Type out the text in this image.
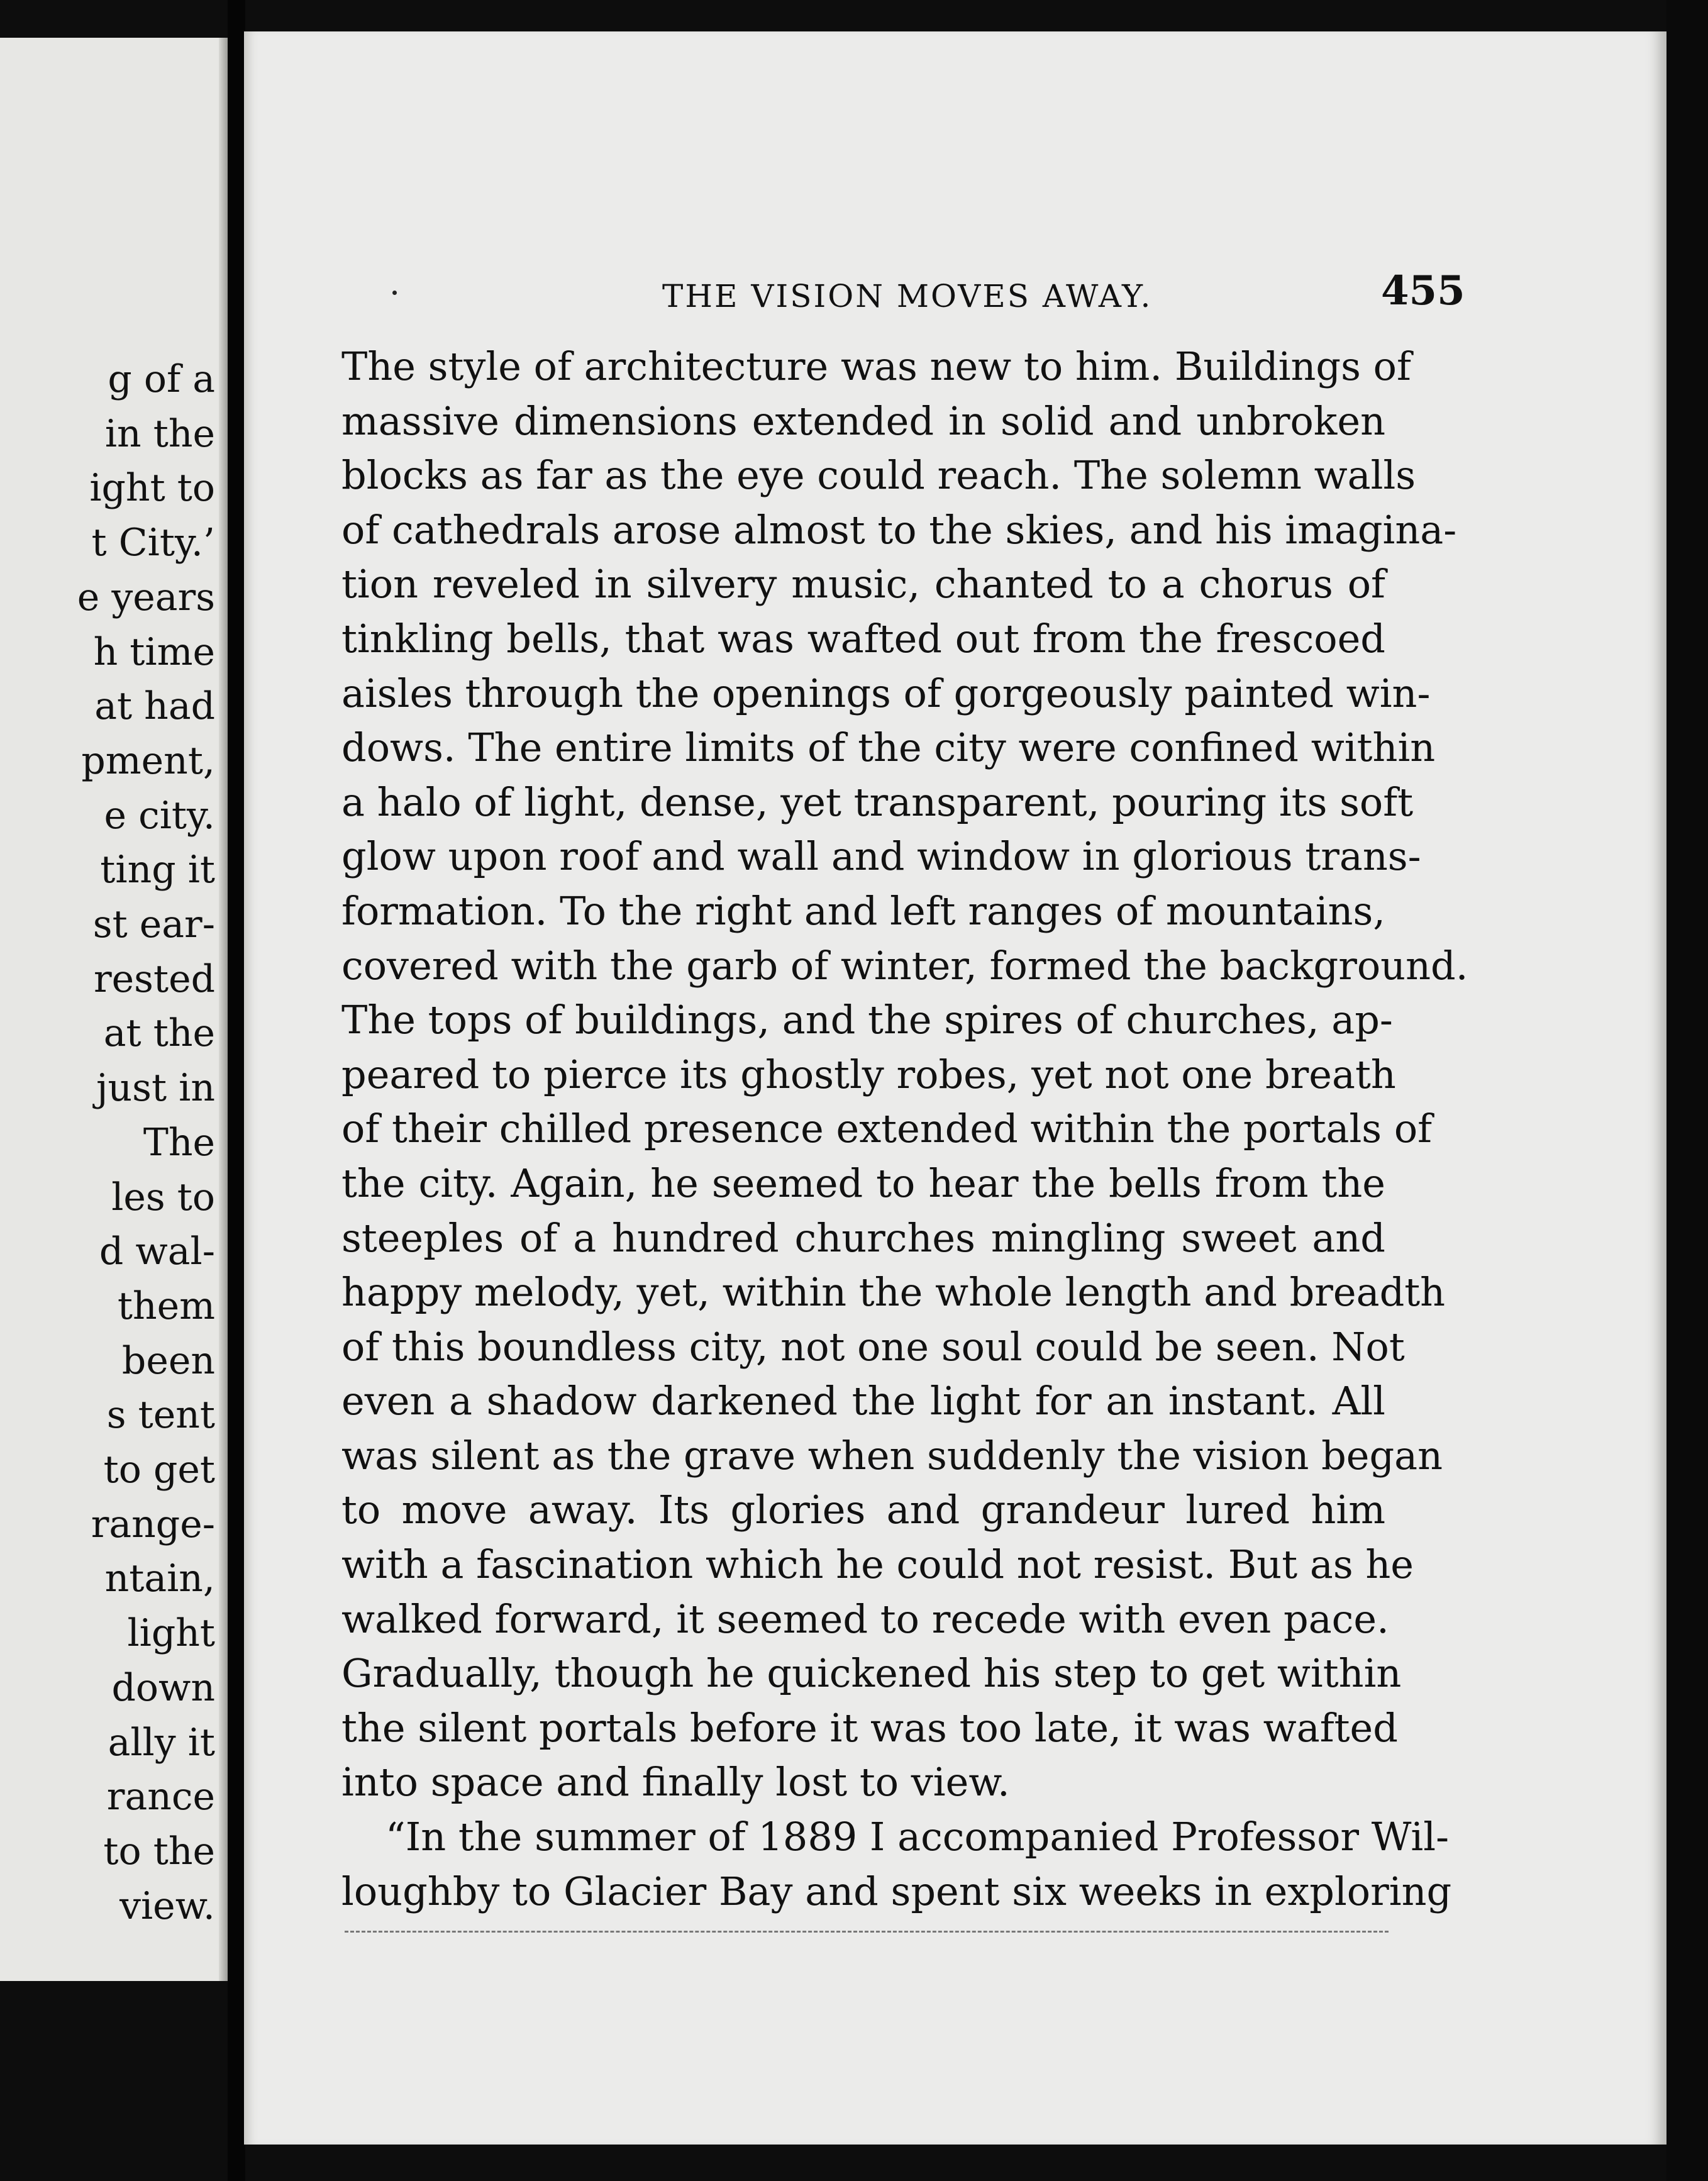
g of a
in the
ight to
t City.’
e years
h time
at had
pment,
e city.
ting it
st ear-
rested
at the
just in
The
les to
d wal-
them
been
s tent
to get
range-
ntain,
light
down
ally it
rance
to the
view.
THE VISION MOVES AWAY.	455
The style of architecture was new to him. Buildings of
massive dimensions extended in solid and unbroken
blocks as far as the eye could reach. The solemn walls
of cathedrals arose almost to the skies, and his imagina-
tion reveled in silvery music, chanted to a chorus of
tinkling bells, that was wafted out from the frescoed
aisles through the openings of gorgeously painted win-
dows. The entire limits of the city were confined within
a halo of light, dense, yet transparent, pouring its soft
glow upon roof and wall and window in glorious trans-
formation. To the right and left ranges of mountains,
covered with the garb of winter, formed the background.
The tops of buildings, and the spires of churches, ap-
peared to pierce its ghostly robes, yet not one breath
of their chilled presence extended within the portals of
the city. Again, he seemed to hear the bells from the
steeples of a hundred churches mingling sweet and
happy melody, yet, within the whole length and breadth
of this boundless city, not one soul could be seen. Not
even a shadow darkened the light for an instant. All
was silent as the grave when suddenly the vision began
to move away. Its glories and grandeur lured him
with a fascination which he could not resist. But as he
walked forward, it seemed to recede with even pace.
Gradually, though he quickened his step to get within
the silent portals before it was too late, it was wafted
into space and finally lost to view.
“In the summer of 1889 I accompanied Professor Wil-
loughby to Glacier Bay and spent six weeks in exploring
